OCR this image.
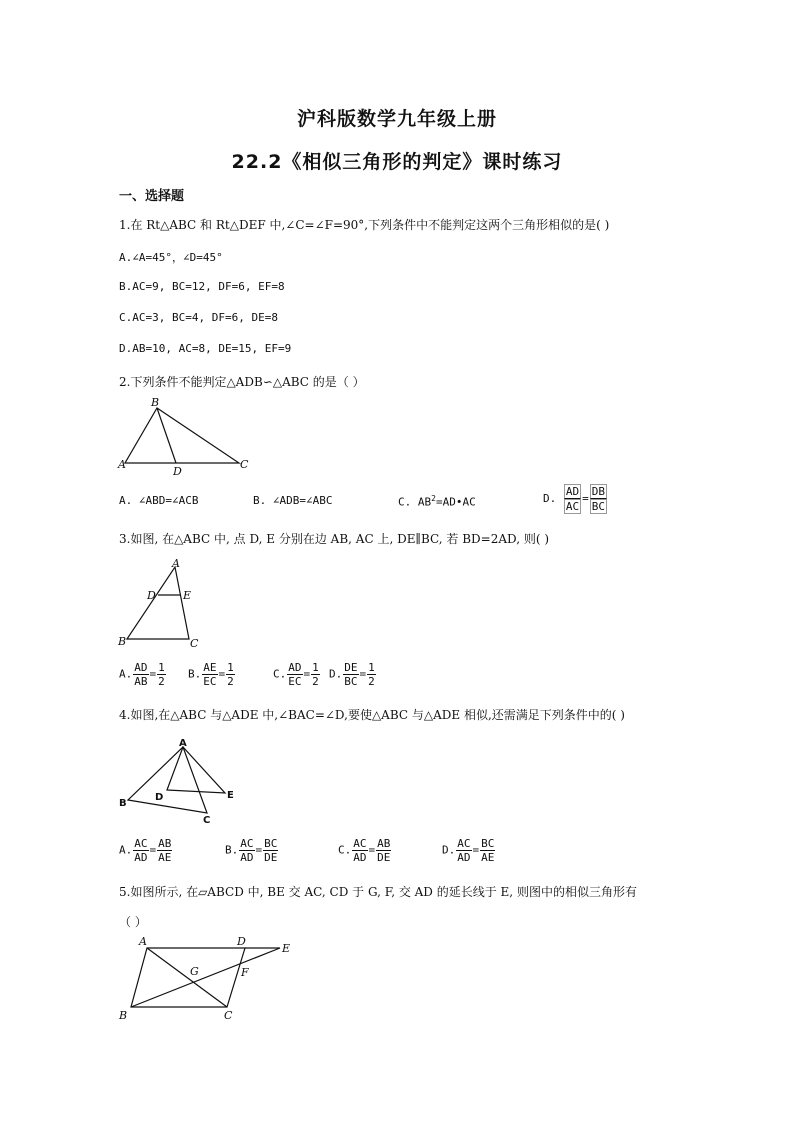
沪科版数学九年级上册
22.2《相似三角形的判定》课时练习
一、选择题
1.在 Rt△ABC 和 Rt△DEF 中,∠C=∠F=90°,下列条件中不能判定这两个三角形相似的是( )
A.∠A=45°，∠D=45°
B.AC=9, BC=12, DF=6, EF=8
C.AC=3, BC=4, DF=6, DE=8
D.AB=10, AC=8, DE=15, EF=9
2.下列条件不能判定△ADB∽△ABC 的是（ ）
A
B
C
D
A. ∠ABD=∠ACB	B. ∠ADB=∠ABC	C. $AB^2=AD•AC$	D. $\frac{AD}{AC} = \frac{DB}{BC}$
3.如图, 在△ABC 中, 点 D, E 分别在边 AB, AC 上, DE∥BC, 若 BD=2AD, 则( )
A
D E
B	C
A. $\frac{AD}{AB} = \frac{1}{2} B$. $\frac{AE}{EC} = \frac{1}{2}$	C. $\frac{AD}{EC} = \frac{1}{2} D$. $\frac{DE}{BC} = \frac{1}{2}$
4.如图,在△ABC 与△ADE 中,∠BAC=∠D,要使△ABC 与△ADE 相似,还需满足下列条件中的( )
A
B
C
D	E
A. $\frac{AC}{AD} = \frac{AB}{AE}$	B. $\frac{AC}{AD} = \frac{BC}{DE}$	C. $\frac{AC}{AD} = \frac{AB}{DE}$	D. $\frac{AC}{AD} = \frac{BC}{AE}$
5.如图所示, 在▱ABCD 中, BE 交 AC, CD 于 G, F, 交 AD 的延长线于 E, 则图中的相似三角形有
（ ）
A	D
E
F
G
B	C
